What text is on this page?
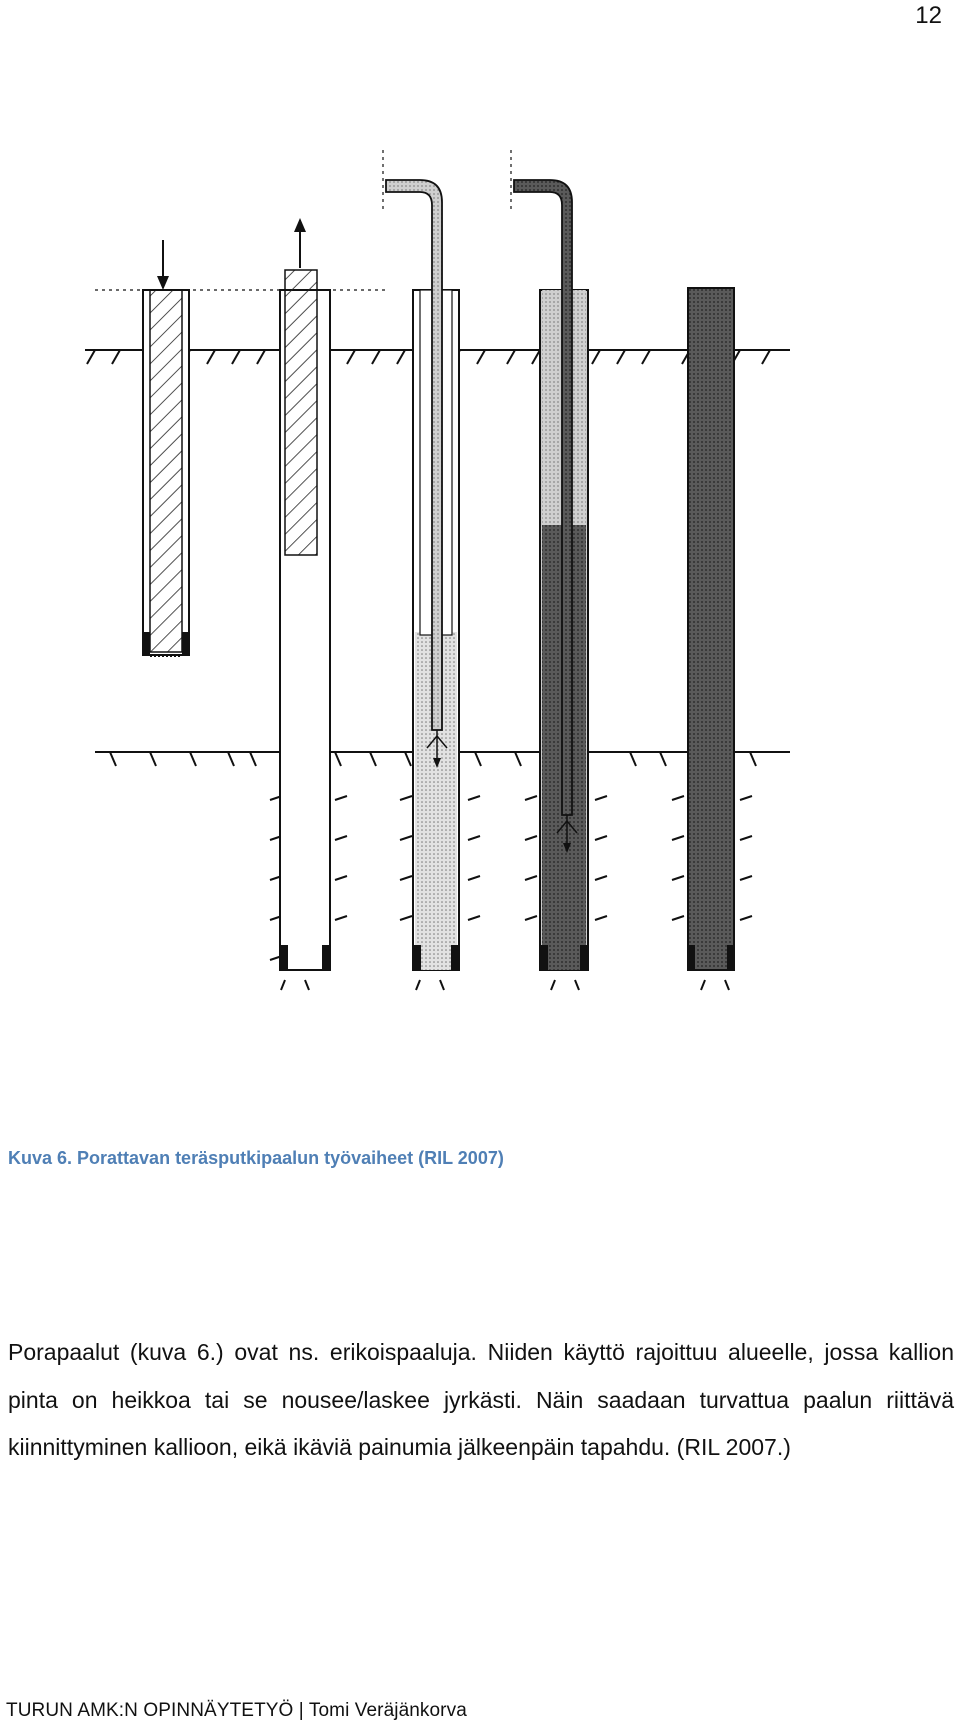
12
Kuva 6. Porattavan teräsputkipaalun työvaiheet (RIL 2007)

Porapaalut (kuva 6.) ovat ns. erikoispaaluja. Niiden käyttö rajoittuu alueelle, jossa kallion pinta on heikkoa tai se nousee/laskee jyrkästi. Näin saadaan turvattua paalun riittävä kiinnittyminen kallioon, eikä ikäviä painumia jälkeenpäin tapahdu. (RIL 2007.)

TURUN AMK:N OPINNÄYTETYÖ | Tomi Veräjänkorva
